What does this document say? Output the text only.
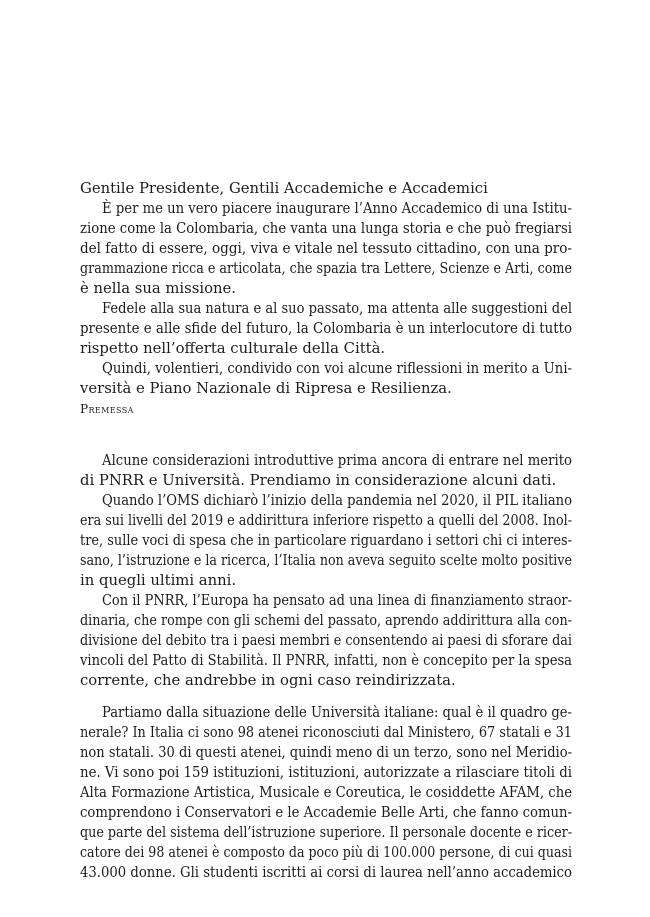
Premessa
Gentile Presidente, Gentili Accademiche e Accademici
È per me un vero piacere inaugurare l’Anno Accademico di una Istitu-
zione come la Colombaria, che vanta una lunga storia e che può fregiarsi
del fatto di essere, oggi, viva e vitale nel tessuto cittadino, con una pro-
grammazione ricca e articolata, che spazia tra Lettere, Scienze e Arti, come
è nella sua missione.
Fedele alla sua natura e al suo passato, ma attenta alle suggestioni del
presente e alle sfide del futuro, la Colombaria è un interlocutore di tutto
rispetto nell’offerta culturale della Città.
Quindi, volentieri, condivido con voi alcune riflessioni in merito a Uni-
versità e Piano Nazionale di Ripresa e Resilienza.
Alcune considerazioni introduttive prima ancora di entrare nel merito
di PNRR e Università. Prendiamo in considerazione alcuni dati.
Quando l’OMS dichiarò l’inizio della pandemia nel 2020, il PIL italiano
era sui livelli del 2019 e addirittura inferiore rispetto a quelli del 2008. Inol-
tre, sulle voci di spesa che in particolare riguardano i settori chi ci interes-
sano, l’istruzione e la ricerca, l’Italia non aveva seguito scelte molto positive
in quegli ultimi anni.
Con il PNRR, l’Europa ha pensato ad una linea di finanziamento straor-
dinaria, che rompe con gli schemi del passato, aprendo addirittura alla con-
divisione del debito tra i paesi membri e consentendo ai paesi di sforare dai
vincoli del Patto di Stabilità. Il PNRR, infatti, non è concepito per la spesa
corrente, che andrebbe in ogni caso reindirizzata.
Partiamo dalla situazione delle Università italiane: qual è il quadro ge-
nerale? In Italia ci sono 98 atenei riconosciuti dal Ministero, 67 statali e 31
non statali. 30 di questi atenei, quindi meno di un terzo, sono nel Meridio-
ne. Vi sono poi 159 istituzioni, istituzioni, autorizzate a rilasciare titoli di
Alta Formazione Artistica, Musicale e Coreutica, le cosiddette AFAM, che
comprendono i Conservatori e le Accademie Belle Arti, che fanno comun-
que parte del sistema dell’istruzione superiore. Il personale docente e ricer-
catore dei 98 atenei è composto da poco più di 100.000 persone, di cui quasi
43.000 donne. Gli studenti iscritti ai corsi di laurea nell’anno accademico
